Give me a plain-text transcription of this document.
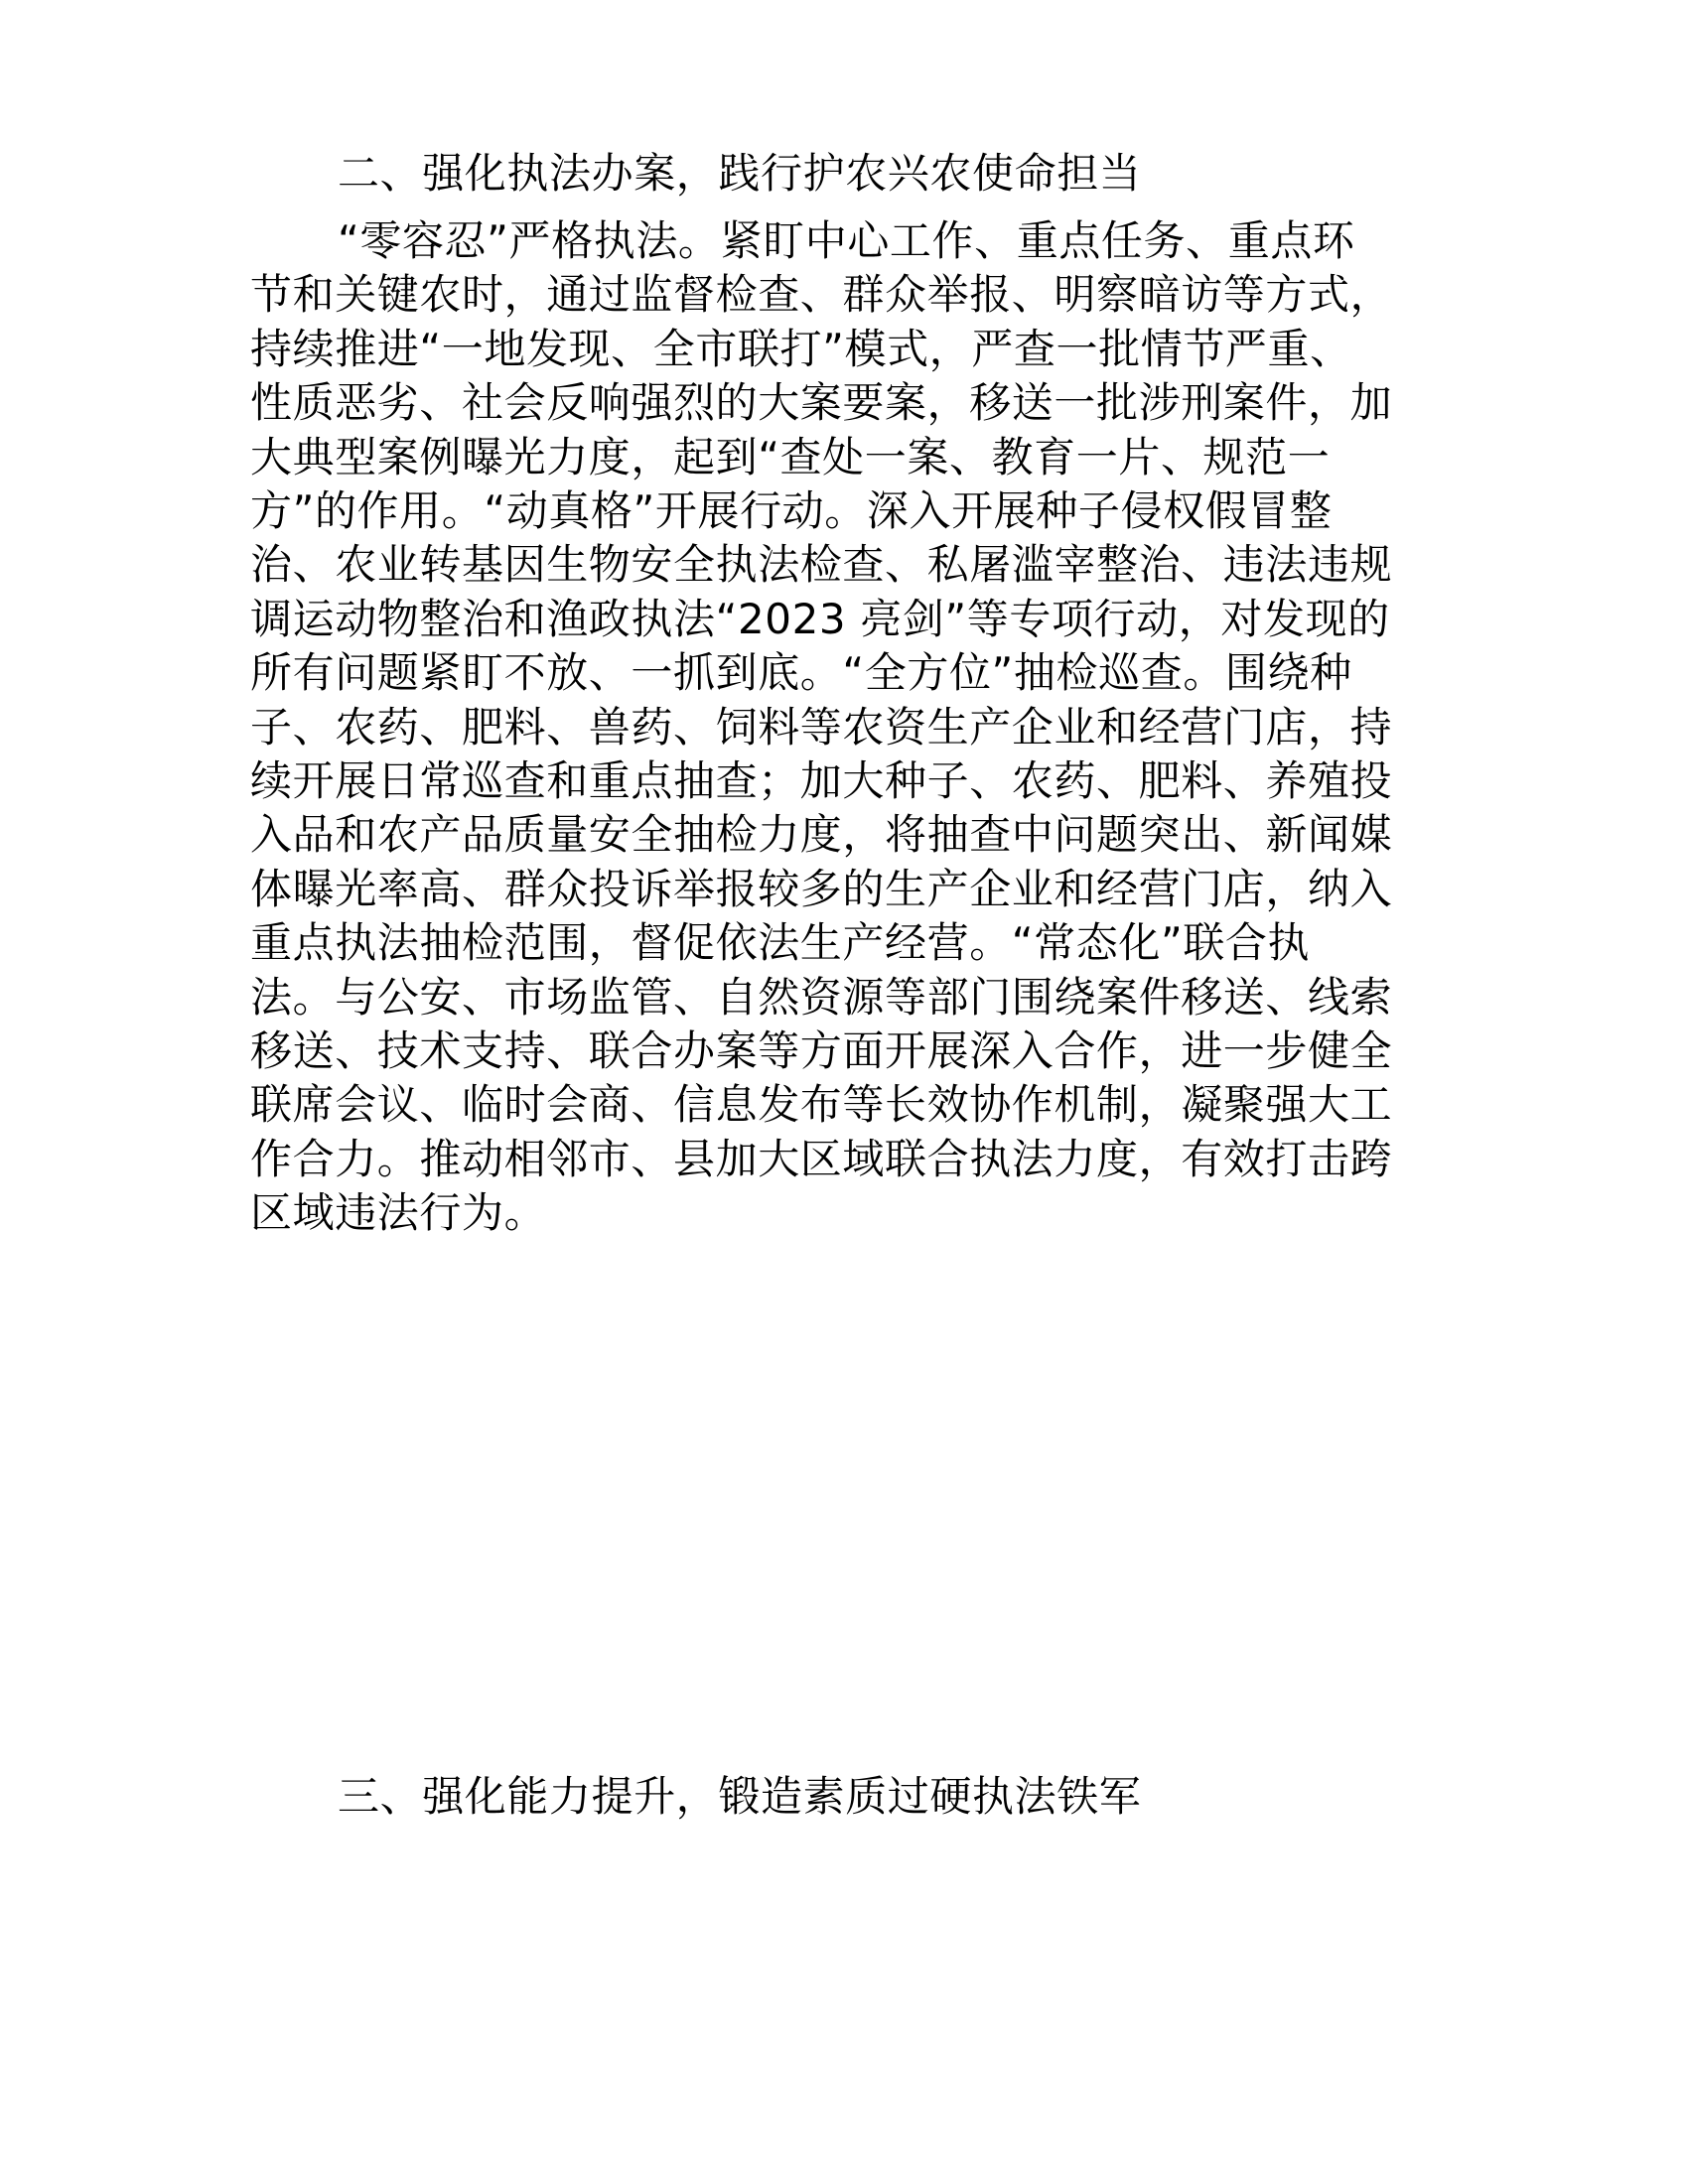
二、强化执法办案，践行护农兴农使命担当
“零容忍”严格执法。紧盯中心工作、重点任务、重点环
节和关键农时，通过监督检查、群众举报、明察暗访等方式，
持续推进“一地发现、全市联打”模式，严查一批情节严重、
性质恶劣、社会反响强烈的大案要案，移送一批涉刑案件，加
大典型案例曝光力度，起到“查处一案、教育一片、规范一
方”的作用。“动真格”开展行动。深入开展种子侵权假冒整
治、农业转基因生物安全执法检查、私屠滥宰整治、违法违规
调运动物整治和渔政执法“2023 亮剑”等专项行动，对发现的
所有问题紧盯不放、一抓到底。“全方位”抽检巡查。围绕种
子、农药、肥料、兽药、饲料等农资生产企业和经营门店，持
续开展日常巡查和重点抽查；加大种子、农药、肥料、养殖投
入品和农产品质量安全抽检力度，将抽查中问题突出、新闻媒
体曝光率高、群众投诉举报较多的生产企业和经营门店，纳入
重点执法抽检范围，督促依法生产经营。“常态化”联合执
法。与公安、市场监管、自然资源等部门围绕案件移送、线索
移送、技术支持、联合办案等方面开展深入合作，进一步健全
联席会议、临时会商、信息发布等长效协作机制，凝聚强大工
作合力。推动相邻市、县加大区域联合执法力度，有效打击跨
区域违法行为。
三、强化能力提升，锻造素质过硬执法铁军
